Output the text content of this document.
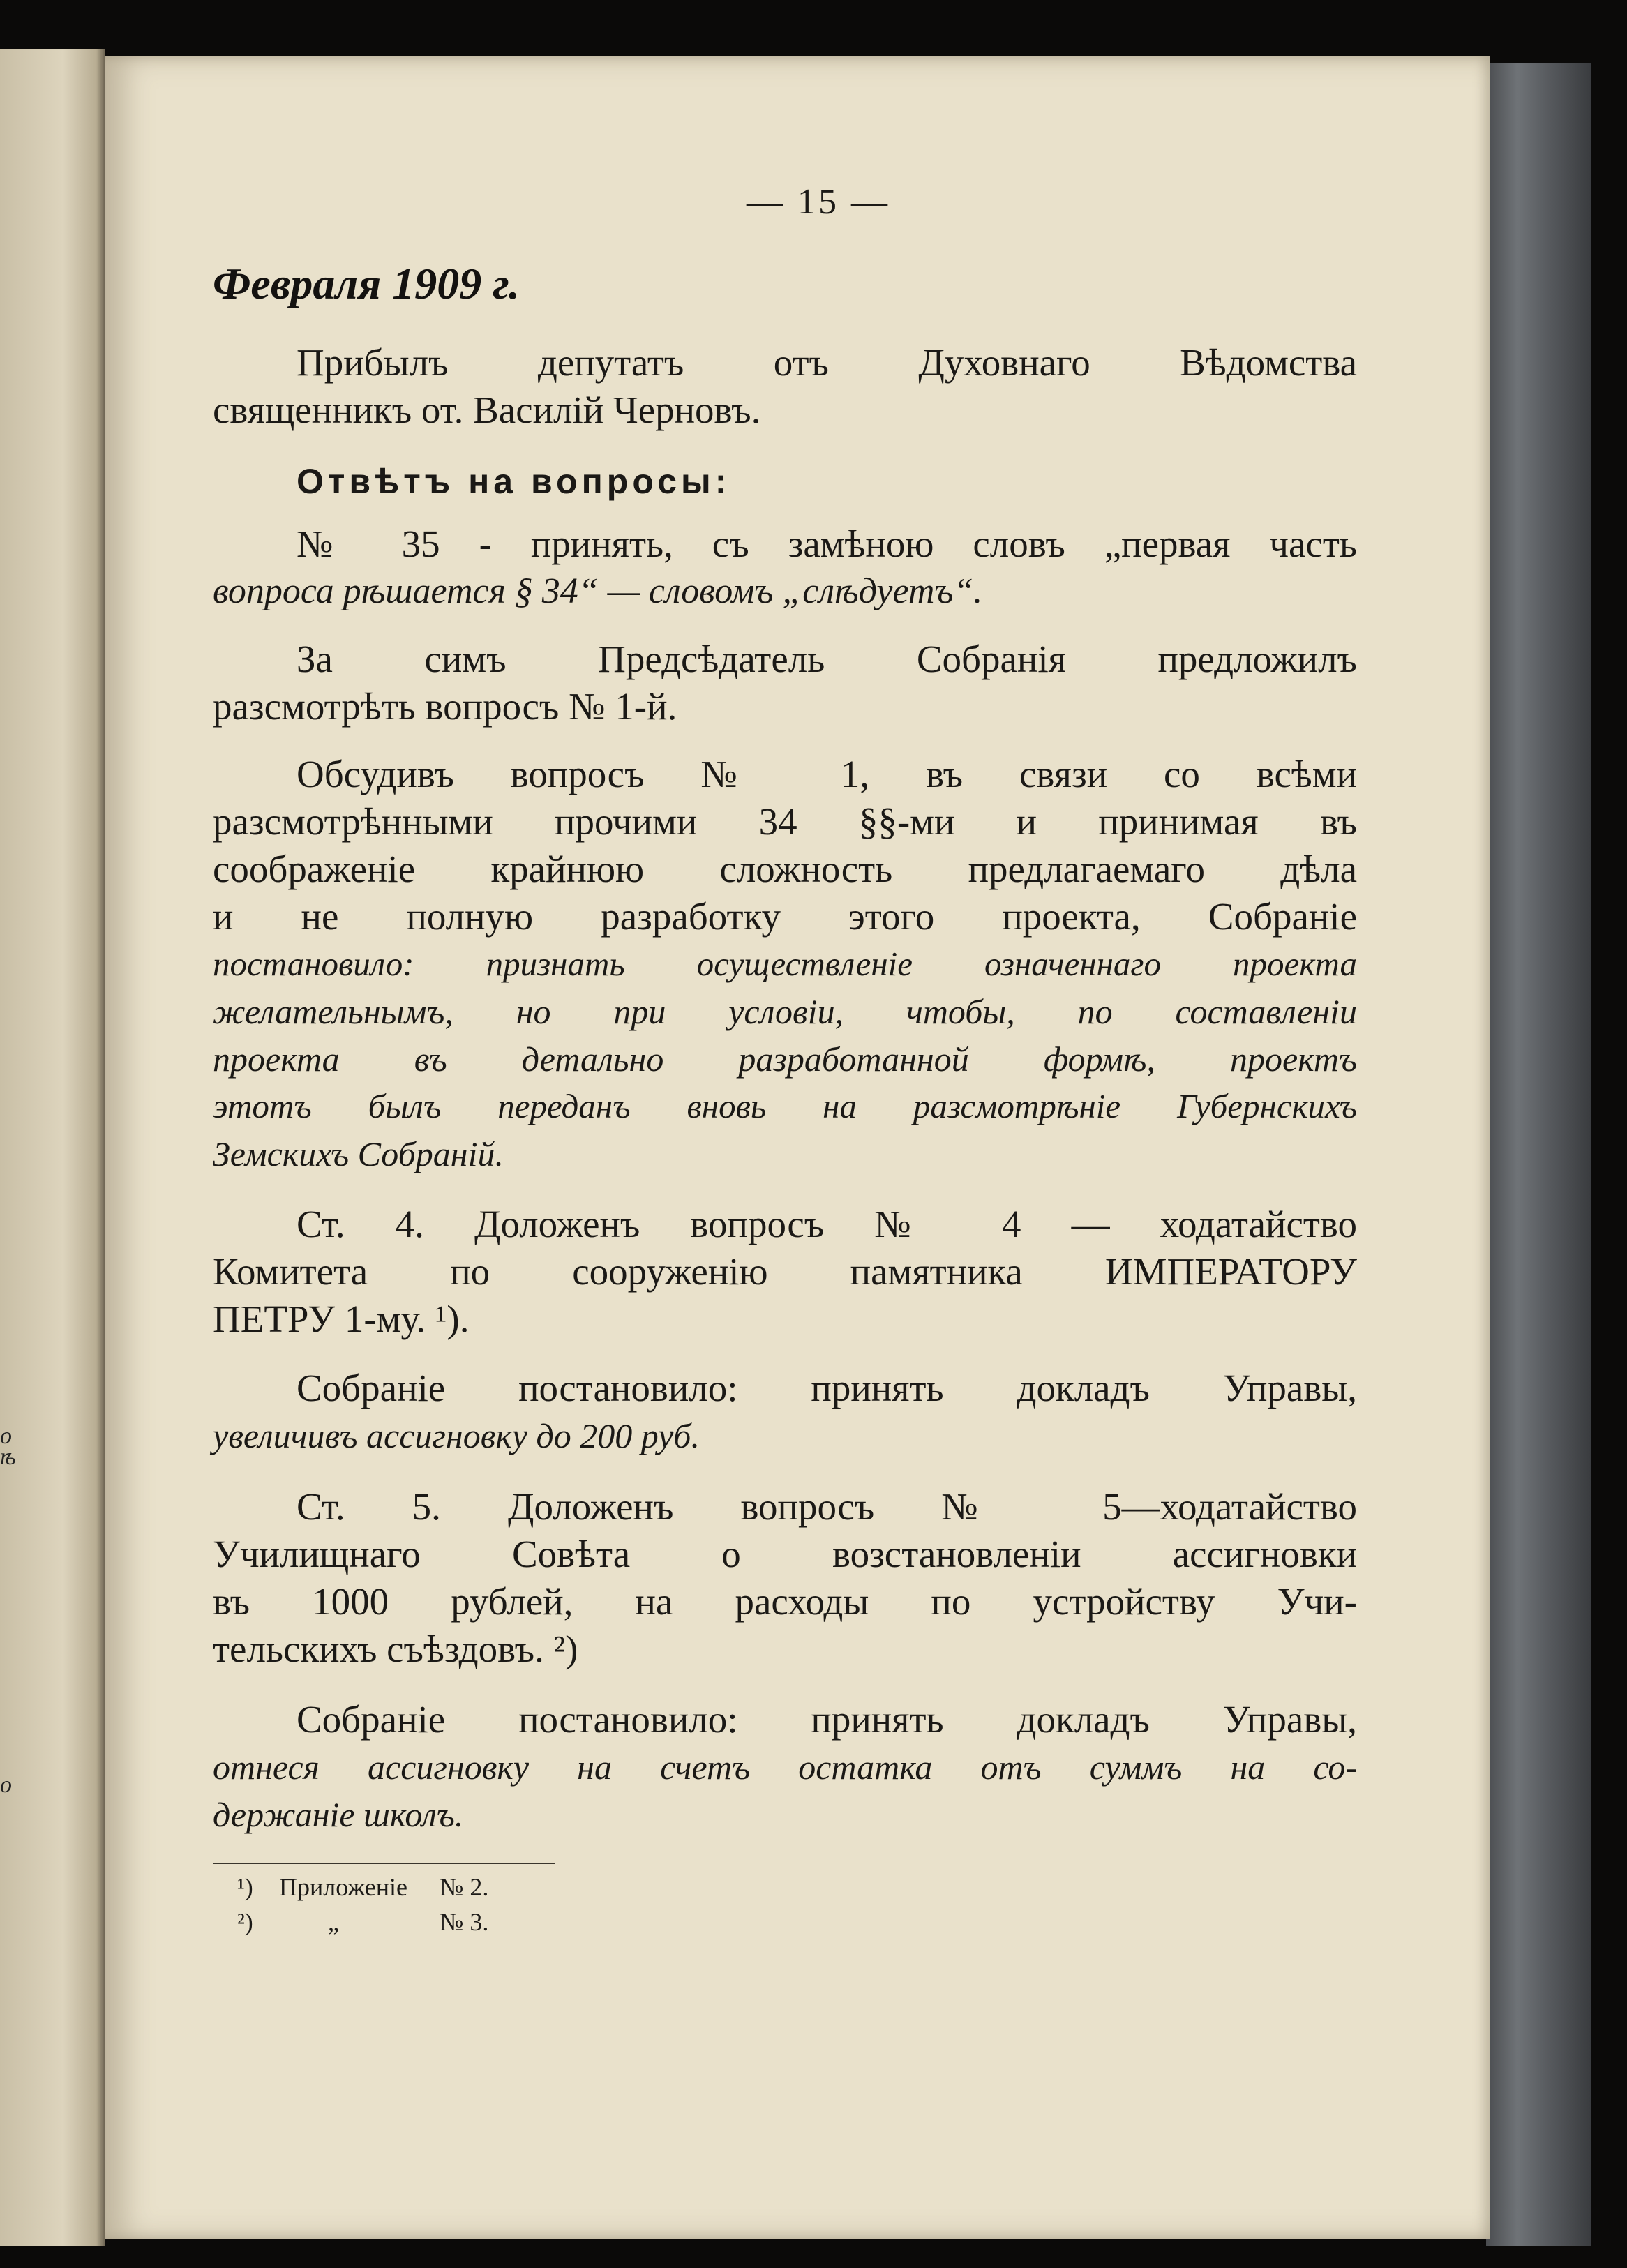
о
ѣ
о
— 15 —
Февраля 1909 г.
Прибылъ депутатъ отъ Духовнаго Вѣдомства
священникъ от. Василій Черновъ.
Отвѣтъ на вопросы:
№ 35 - принять, съ замѣною словъ „первая часть
вопроса рѣшается § 34“ — словомъ „слѣдуетъ“.
За симъ Предсѣдатель Собранія предложилъ
разсмотрѣть вопросъ № 1-й.
Обсудивъ вопросъ № 1, въ связи со всѣми
разсмотрѣнными прочими 34 §§-ми и принимая въ
соображеніе крайнюю сложность предлагаемаго дѣла
и не полную разработку этого проекта, Собраніе
постановило: признать осуществленіе означеннаго проекта
желательнымъ, но при условіи, чтобы, по составленіи
проекта въ детально разработанной формѣ, проектъ
этотъ былъ переданъ вновь на разсмотрѣніе Губернскихъ
Земскихъ Собраній.
Ст. 4. Доложенъ вопросъ № 4 — ходатайство
Комитета по сооруженію памятника ИМПЕРАТОРУ
ПЕТРУ 1-му. ¹).
Собраніе постановило: принять докладъ Управы,
увеличивъ ассигновку до 200 руб.
Ст. 5. Доложенъ вопросъ № 5—ходатайство
Училищнаго Совѣта о возстановленіи ассигновки
въ 1000 рублей, на расходы по устройству Учи-
тельскихъ съѣздовъ. ²)
Собраніе постановило: принять докладъ Управы,
отнеся ассигновку на счетъ остатка отъ суммъ на со-
держаніе школъ.
¹) Приложеніе № 2.
²)	„	№ 3.
